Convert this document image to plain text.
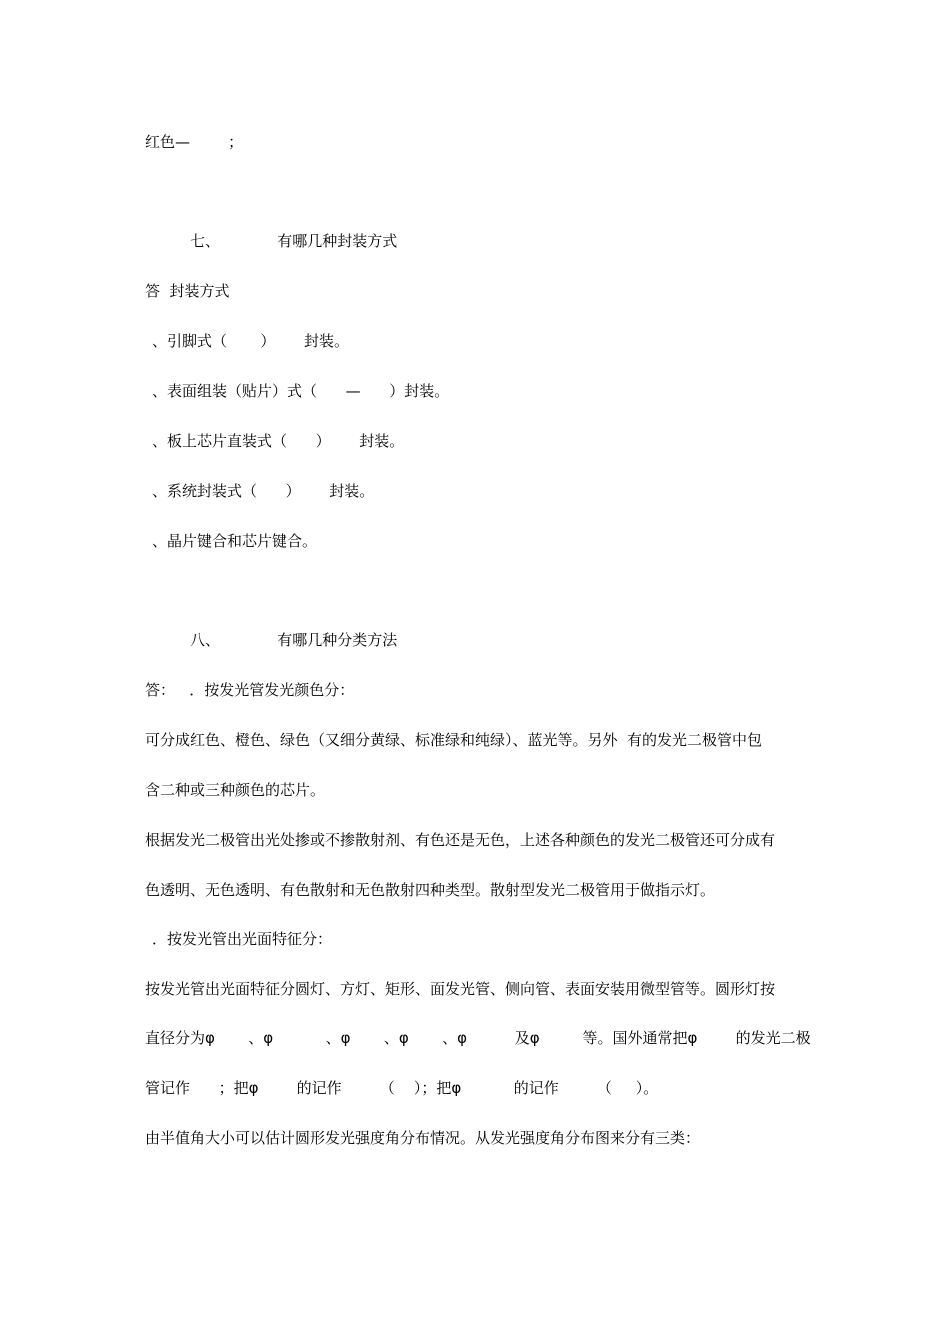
红色—        ；
七、            有哪几种封装方式
答  封装方式
、引脚式（       ）      封装。
、表面组装（贴片）式（      —      ）封装。
、板上芯片直装式（      ）      封装。
、系统封装式（      ）      封装。
、晶片键合和芯片键合。
八、            有哪几种分类方法
答：   ．按发光管发光颜色分：
可分成红色、橙色、绿色（又细分黄绿、标准绿和纯绿）、蓝光等。另外  有的发光二极管中包
含二种或三种颜色的芯片。
根据发光二极管出光处掺或不掺散射剂、有色还是无色，上述各种颜色的发光二极管还可分成有
色透明、无色透明、有色散射和无色散射四种类型。散射型发光二极管用于做指示灯。
．按发光管出光面特征分：
按发光管出光面特征分圆灯、方灯、矩形、面发光管、侧向管、表面安装用微型管等。圆形灯按
直径分为φ       、φ           、φ       、φ       、φ          及φ         等。国外通常把φ        的发光二极
管记作      ；把φ        的记作        （    ）；把φ           的记作        （     ）。
由半值角大小可以估计圆形发光强度角分布情况。从发光强度角分布图来分有三类：
